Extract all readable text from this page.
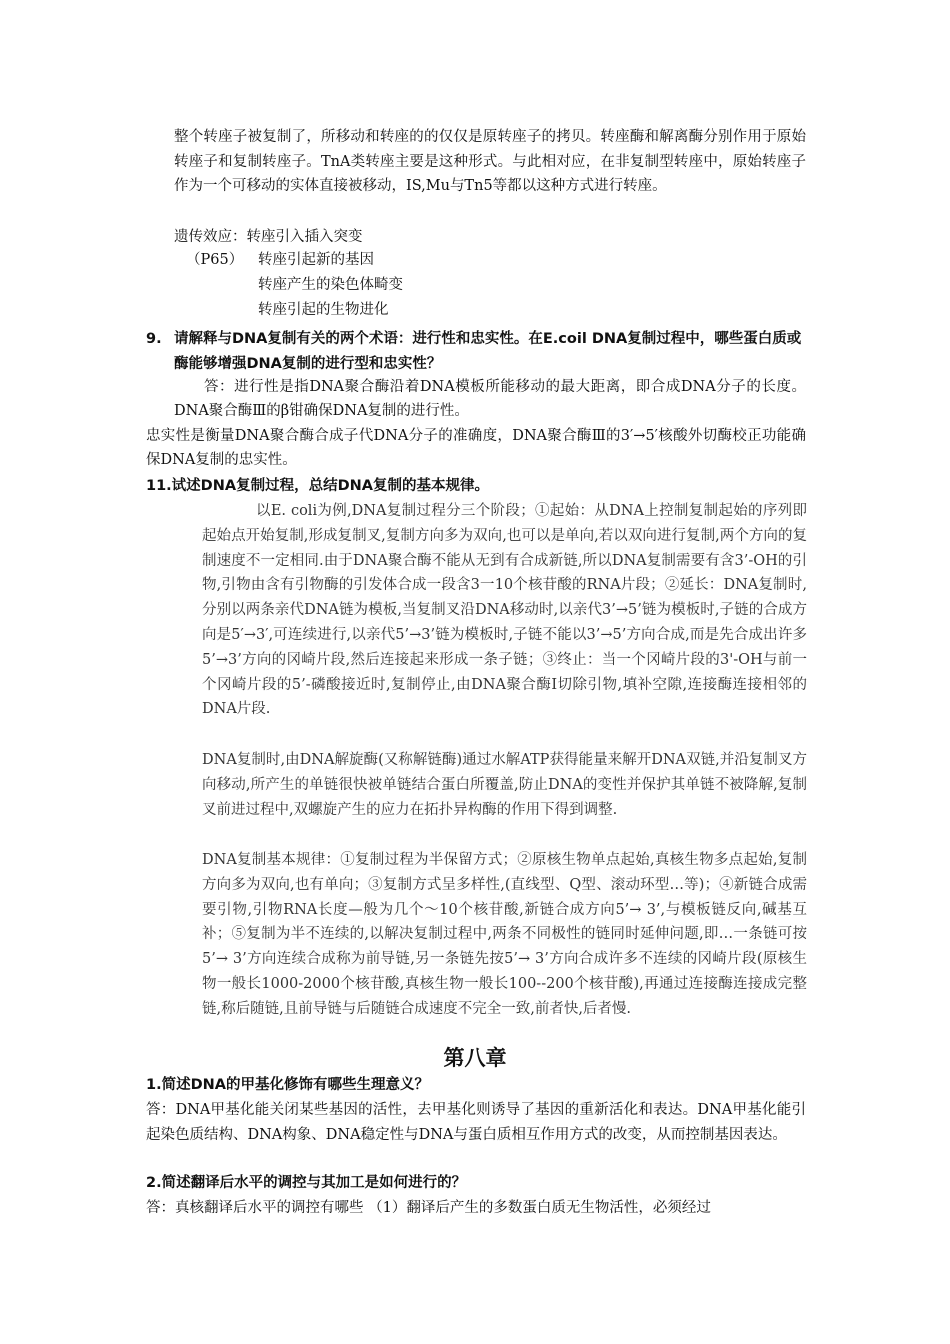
整个转座子被复制了，所移动和转座的的仅仅是原转座子的拷贝。转座酶和解离酶分别作用于原始转座子和复制转座子。TnA类转座主要是这种形式。与此相对应，在非复制型转座中，原始转座子作为一个可移动的实体直接被移动，IS,Mu与Tn5等都以这种方式进行转座。

遗传效应：转座引入插入突变
（P65） 转座引起新的基因
转座产生的染色体畸变
转座引起的生物进化
9. 请解释与DNA复制有关的两个术语：进行性和忠实性。在E.coil DNA复制过程中，哪些蛋白质或酶能够增强DNA复制的进行型和忠实性？

答：进行性是指DNA聚合酶沿着DNA模板所能移动的最大距离，即合成DNA分子的长度。DNA聚合酶Ⅲ的β钳确保DNA复制的进行性。

忠实性是衡量DNA聚合酶合成子代DNA分子的准确度，DNA聚合酶Ⅲ的3′→5′核酸外切酶校正功能确保DNA复制的忠实性。

11.试述DNA复制过程，总结DNA复制的基本规律。

以E. coli为例,DNA复制过程分三个阶段；①起始：从DNA上控制复制起始的序列即起始点开始复制,形成复制叉,复制方向多为双向,也可以是单向,若以双向进行复制,两个方向的复制速度不一定相同.由于DNA聚合酶不能从无到有合成新链,所以DNA复制需要有含3’-OH的引物,引物由含有引物酶的引发体合成一段含3一10个核苷酸的RNA片段；②延长：DNA复制时,分别以两条亲代DNA链为模板,当复制叉沿DNA移动时,以亲代3’→5’链为模板时,子链的合成方向是5′→3′,可连续进行,以亲代5’→3’链为模板时,子链不能以3’→5’方向合成,而是先合成出许多5’→3’方向的冈崎片段,然后连接起来形成一条子链；③终止：当一个冈崎片段的3'-OH与前一个冈崎片段的5’-磷酸接近时,复制停止,由DNA聚合酶Ⅰ切除引物,填补空隙,连接酶连接相邻的DNA片段.

DNA复制时,由DNA解旋酶(又称解链酶)通过水解ATP获得能量来解开DNA双链,并沿复制叉方向移动,所产生的单链很快被单链结合蛋白所覆盖,防止DNA的变性并保护其单链不被降解,复制叉前进过程中,双螺旋产生的应力在拓扑异构酶的作用下得到调整.

DNA复制基本规律：①复制过程为半保留方式；②原核生物单点起始,真核生物多点起始,复制方向多为双向,也有单向；③复制方式呈多样性,(直线型、Q型、滚动环型…等)；④新链合成需要引物,引物RNA长度—般为几个～10个核苷酸,新链合成方向5’→ 3’,与模板链反向,碱基互补；⑤复制为半不连续的,以解决复制过程中,两条不同极性的链同时延伸问题,即…一条链可按5’→ 3’方向连续合成称为前导链,另一条链先按5’→ 3’方向合成许多不连续的冈崎片段(原核生物一般长1000-2000个核苷酸,真核生物一般长100--200个核苷酸),再通过连接酶连接成完整链,称后随链,且前导链与后随链合成速度不完全一致,前者快,后者慢.

第八章
1.简述DNA的甲基化修饰有哪些生理意义？

答：DNA甲基化能关闭某些基因的活性，去甲基化则诱导了基因的重新活化和表达。DNA甲基化能引起染色质结构、DNA构象、DNA稳定性与DNA与蛋白质相互作用方式的改变，从而控制基因表达。

2.简述翻译后水平的调控与其加工是如何进行的？

答：真核翻译后水平的调控有哪些 （1）翻译后产生的多数蛋白质无生物活性，必须经过
